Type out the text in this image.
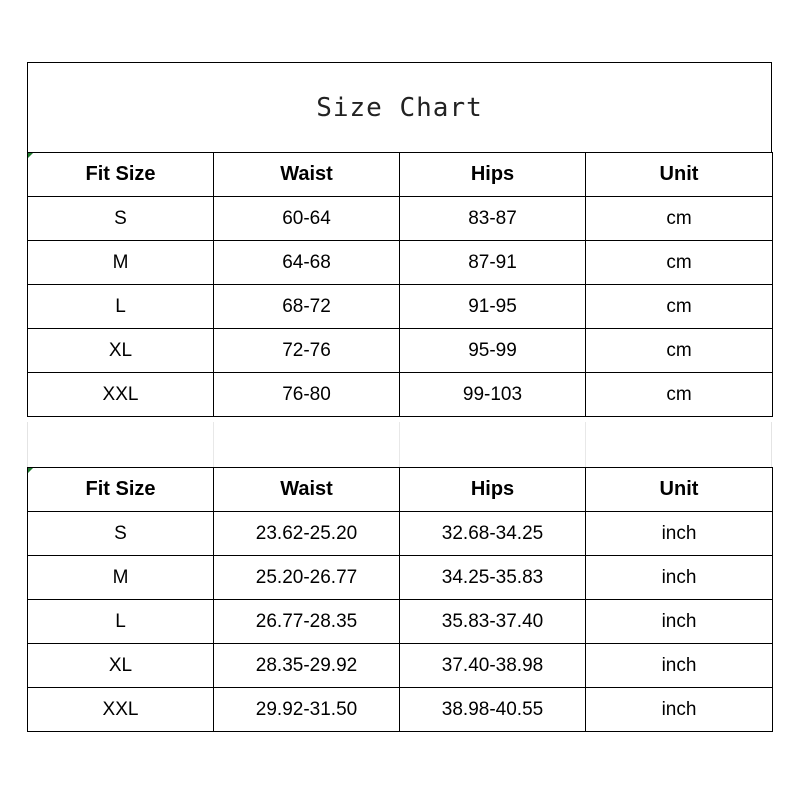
Size Chart
Fit Size	Waist	Hips	Unit
S	60-64	83-87	cm
M	64-68	87-91	cm
L	68-72	91-95	cm
XL	72-76	95-99	cm
XXL	76-80	99-103	cm
Fit Size	Waist	Hips	Unit
S	23.62-25.20	32.68-34.25	inch
M	25.20-26.77	34.25-35.83	inch
L	26.77-28.35	35.83-37.40	inch
XL	28.35-29.92	37.40-38.98	inch
XXL	29.92-31.50	38.98-40.55	inch
